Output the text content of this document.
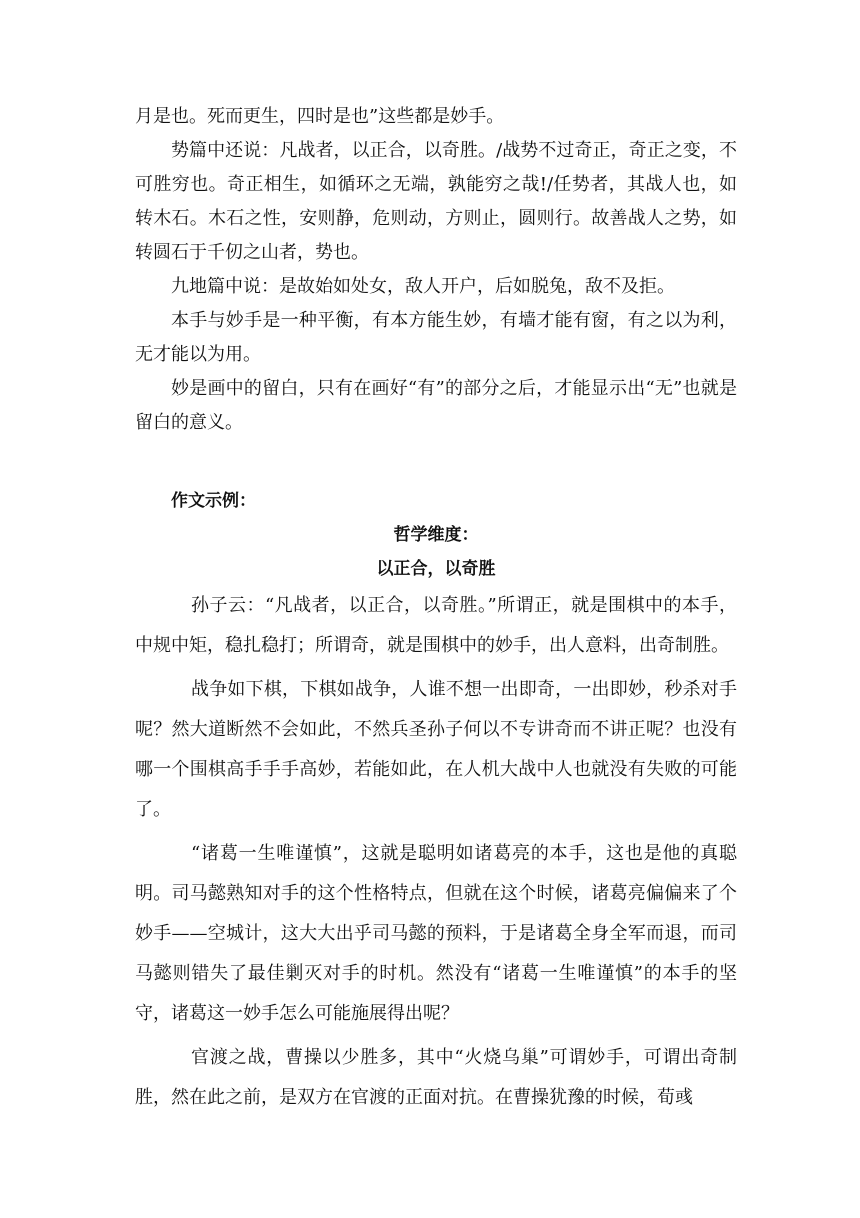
月是也。死而更生，四时是也”这些都是妙手。

势篇中还说：凡战者，以正合，以奇胜。/战势不过奇正，奇正之变，不可胜穷也。奇正相生，如循环之无端，孰能穷之哉!/任势者，其战人也，如转木石。木石之性，安则静，危则动，方则止，圆则行。故善战人之势，如转圆石于千仞之山者，势也。

九地篇中说：是故始如处女，敌人开户，后如脱兔，敌不及拒。

本手与妙手是一种平衡，有本方能生妙，有墙才能有窗，有之以为利，无才能以为用。

妙是画中的留白，只有在画好“有”的部分之后，才能显示出“无”也就是留白的意义。

作文示例：
哲学维度：
以正合，以奇胜

孙子云：“凡战者，以正合，以奇胜。”所谓正，就是围棋中的本手，中规中矩，稳扎稳打；所谓奇，就是围棋中的妙手，出人意料，出奇制胜。

战争如下棋，下棋如战争，人谁不想一出即奇，一出即妙，秒杀对手呢？然大道断然不会如此，不然兵圣孙子何以不专讲奇而不讲正呢？也没有哪一个围棋高手手手高妙，若能如此，在人机大战中人也就没有失败的可能了。

“诸葛一生唯谨慎”，这就是聪明如诸葛亮的本手，这也是他的真聪明。司马懿熟知对手的这个性格特点，但就在这个时候，诸葛亮偏偏来了个妙手——空城计，这大大出乎司马懿的预料，于是诸葛全身全军而退，而司马懿则错失了最佳剿灭对手的时机。然没有“诸葛一生唯谨慎”的本手的坚守，诸葛这一妙手怎么可能施展得出呢？

官渡之战，曹操以少胜多，其中“火烧乌巢”可谓妙手，可谓出奇制胜，然在此之前，是双方在官渡的正面对抗。在曹操犹豫的时候，荀彧
